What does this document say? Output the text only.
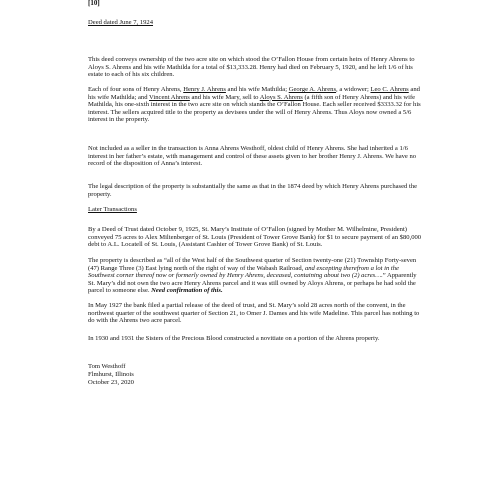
[10]

Deed dated June 7, 1924

This deed conveys ownership of the two acre site on which stood the O’Fallon House from certain heirs of Henry Ahrens to Aloys S. Ahrens and his wife Mathilda for a total of $13,333.28. Henry had died on February 5, 1920, and he left 1/6 of his estate to each of his six children.

Each of four sons of Henry Ahrens, Henry J. Ahrens and his wife Mathilda; George A. Ahrens, a widower; Leo C. Ahrens and his wife Mathilda; and Vincent Ahrens and his wife Mary, sell to Aloys S. Ahrens (a fifth son of Henry Ahrens) and his wife Mathilda, his one-sixth interest in the two acre site on which stands the O’Fallon House. Each seller received $3333.32 for his interest. The sellers acquired title to the property as devisees under the will of Henry Ahrens. Thus Aloys now owned a 5/6 interest in the property.

Not included as a seller in the transaction is Anna Ahrens Westhoff, oldest child of Henry Ahrens. She had inherited a 1/6 interest in her father’s estate, with management and control of these assets given to her brother Henry J. Ahrens. We have no record of the disposition of Anna’s interest.

The legal description of the property is substantially the same as that in the 1874 deed by which Henry Ahrens purchased the property.

Later Transactions

By a Deed of Trust dated October 9, 1925, St. Mary’s Institute of O’Fallon (signed by Mother M. Wilhelmine, President) conveyed 75 acres to Alex Miltenberger of St. Louis (President of Tower Grove Bank) for $1 to secure payment of an $80,000 debt to A.L. Locatell of St. Louis, (Assistant Cashier of Tower Grove Bank) of St. Louis.

The property is described as “all of the West half of the Southwest quarter of Section twenty-one (21) Township Forty-seven (47) Range Three (3) East lying north of the right of way of the Wabash Railroad, and excepting therefrom a lot in the Southwest corner thereof now or formerly owned by Henry Ahrens, deceased, containing about two (2) acres….” Apparently St. Mary’s did not own the two acre Henry Ahrens parcel and it was still owned by Aloys Ahrens, or perhaps he had sold the parcel to someone else. Need confirmation of this.

In May 1927 the bank filed a partial release of the deed of trust, and St. Mary’s sold 28 acres north of the convent, in the northwest quarter of the southwest quarter of Section 21, to Omer J. Dames and his wife Madeline. This parcel has nothing to do with the Ahrens two acre parcel.

In 1930 and 1931 the Sisters of the Precious Blood constructed a novitiate on a portion of the Ahrens property.

Tom Westhoff

Flmhurst, Illinois

October 23, 2020
